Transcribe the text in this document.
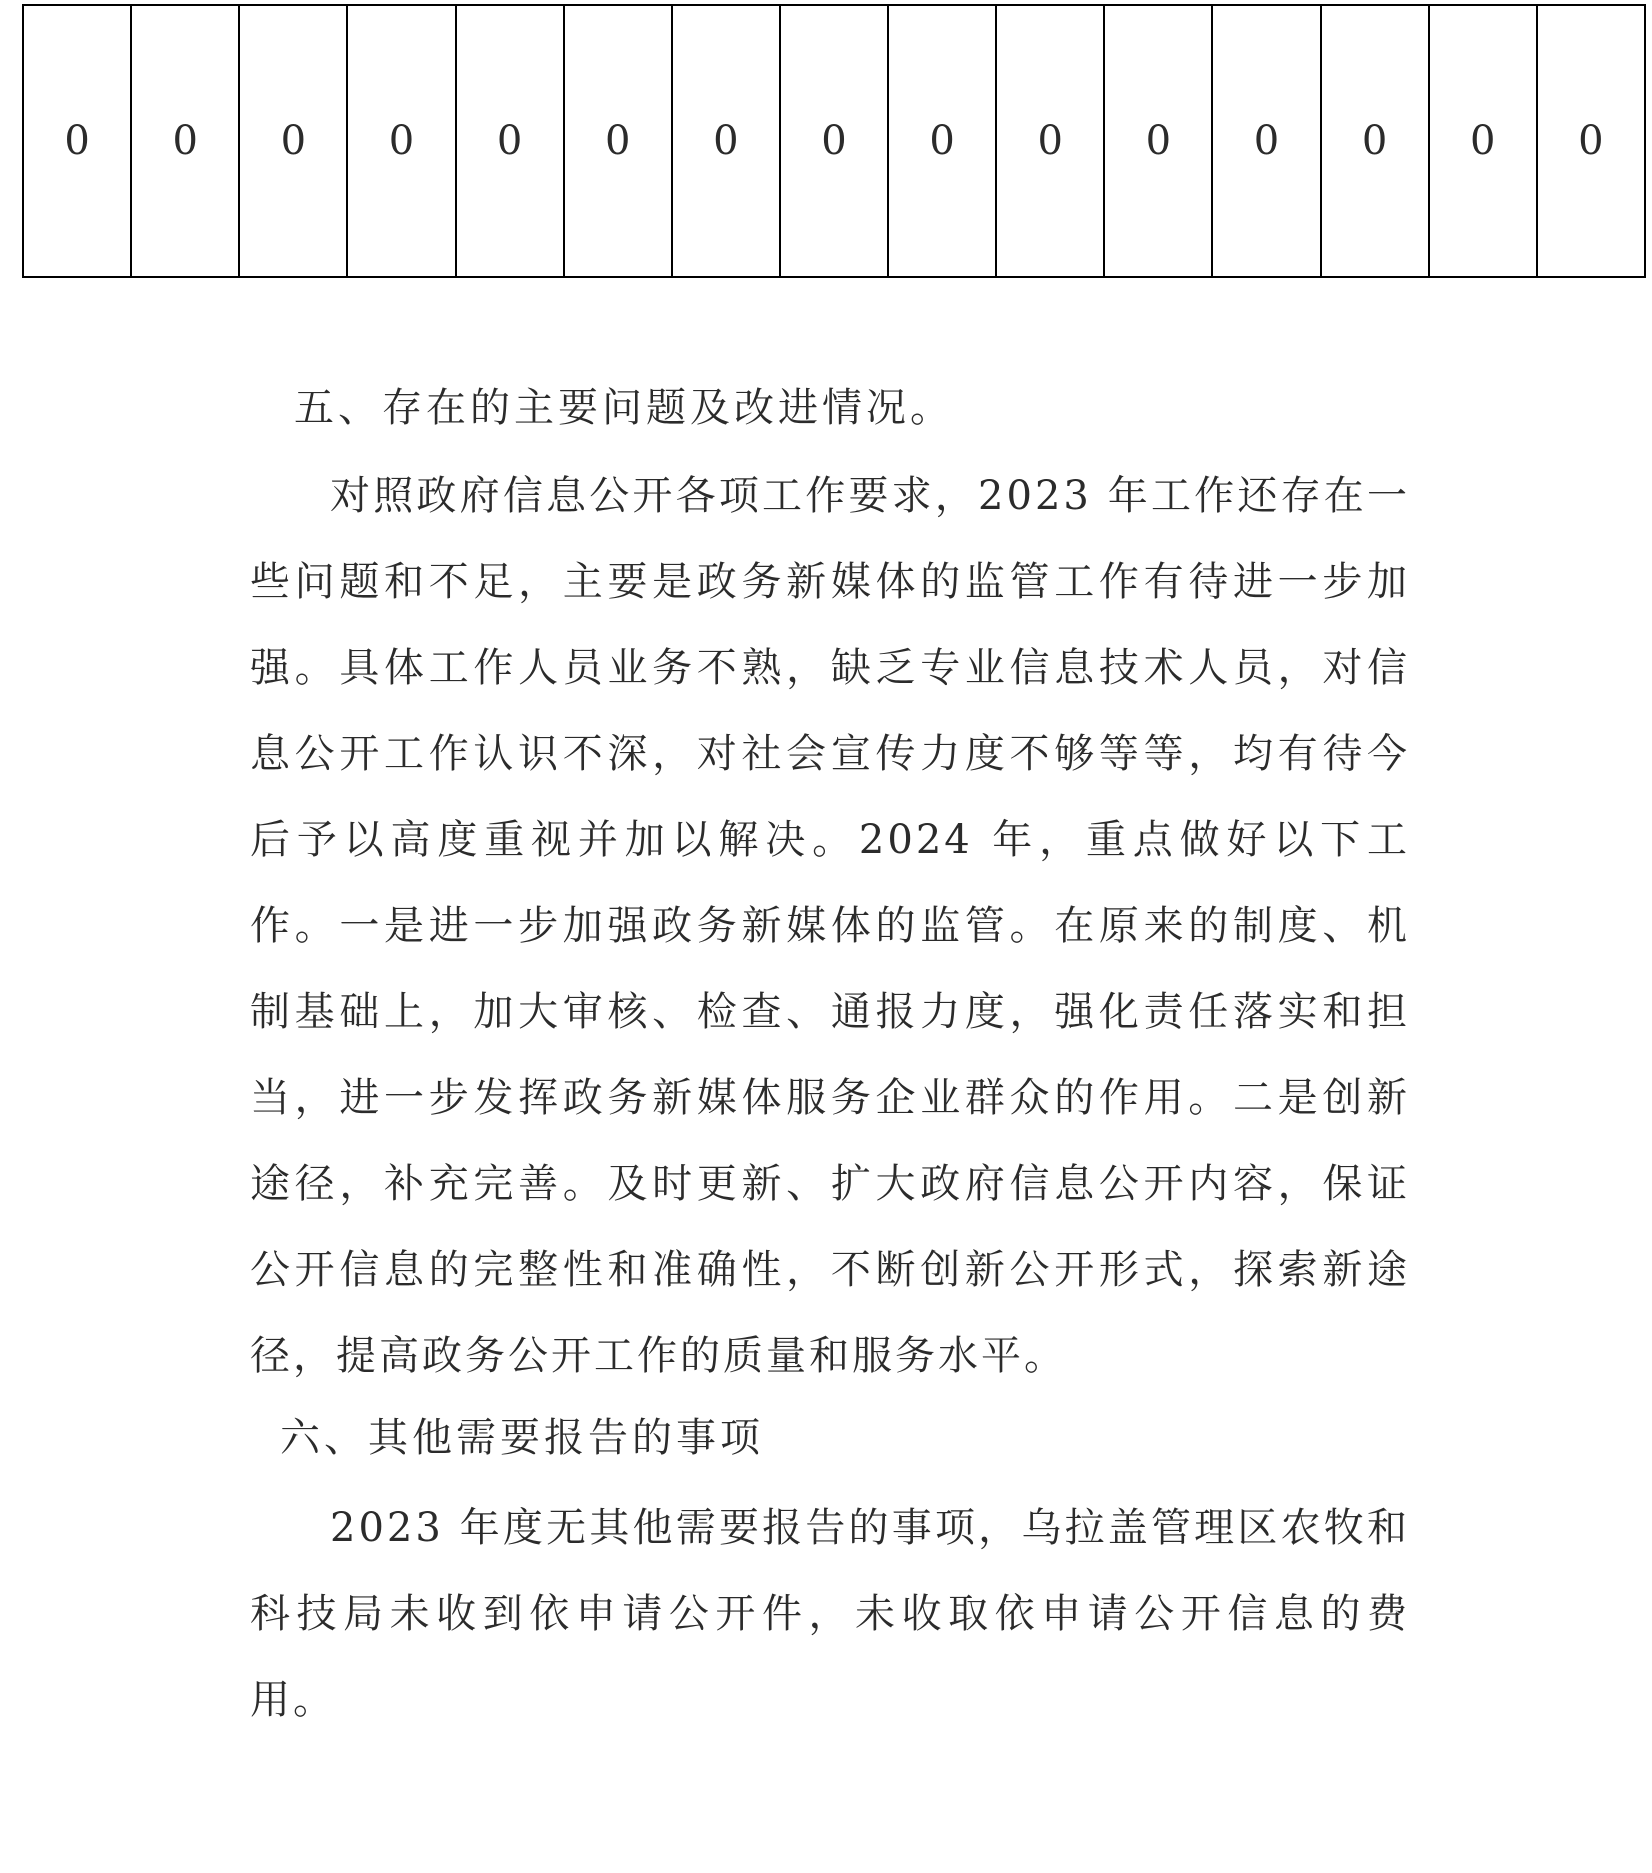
0	0	0	0	0	0	0	0	0	0	0	0	0	0	0

五、存在的主要问题及改进情况。

对照政府信息公开各项工作要求，2023 年工作还存在一些问题和不足，主要是政务新媒体的监管工作有待进一步加强。具体工作人员业务不熟，缺乏专业信息技术人员，对信息公开工作认识不深，对社会宣传力度不够等等，均有待今后予以高度重视并加以解决。2024 年，重点做好以下工作。一是进一步加强政务新媒体的监管。在原来的制度、机制基础上，加大审核、检查、通报力度，强化责任落实和担当，进一步发挥政务新媒体服务企业群众的作用。二是创新途径，补充完善。及时更新、扩大政府信息公开内容，保证公开信息的完整性和准确性，不断创新公开形式，探索新途径，提高政务公开工作的质量和服务水平。

六、其他需要报告的事项

2023 年度无其他需要报告的事项，乌拉盖管理区农牧和科技局未收到依申请公开件，未收取依申请公开信息的费用。
